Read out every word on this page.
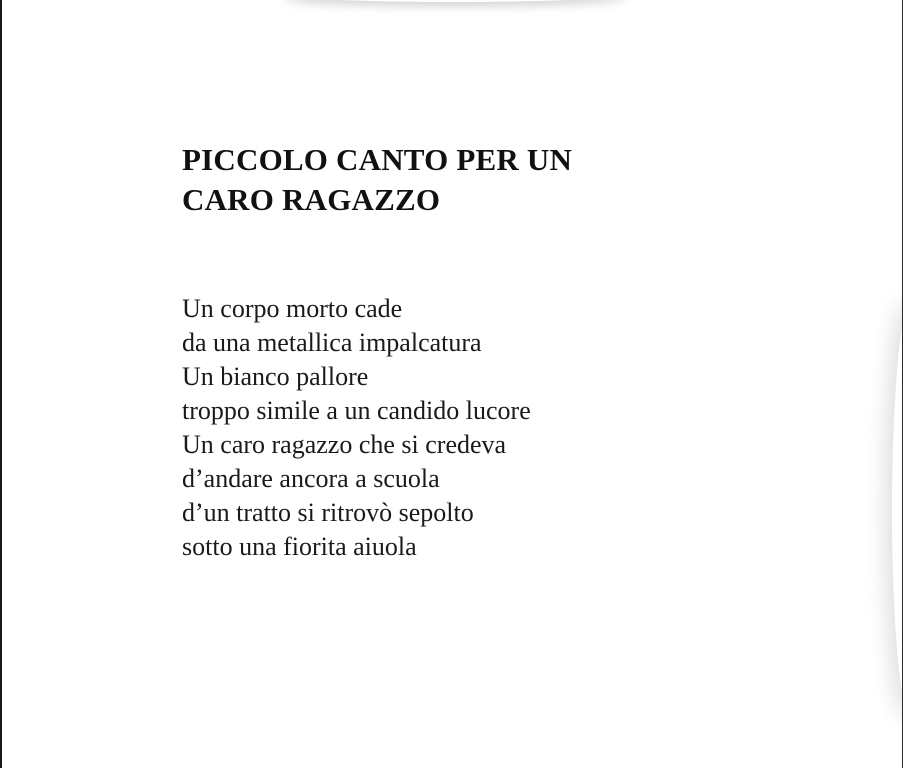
PICCOLO CANTO PER UN CARO RAGAZZO
Un corpo morto cade
da una metallica impalcatura
Un bianco pallore
troppo simile a un candido lucore
Un caro ragazzo che si credeva
d’andare ancora a scuola
d’un tratto si ritrovò sepolto
sotto una fiorita aiuola
